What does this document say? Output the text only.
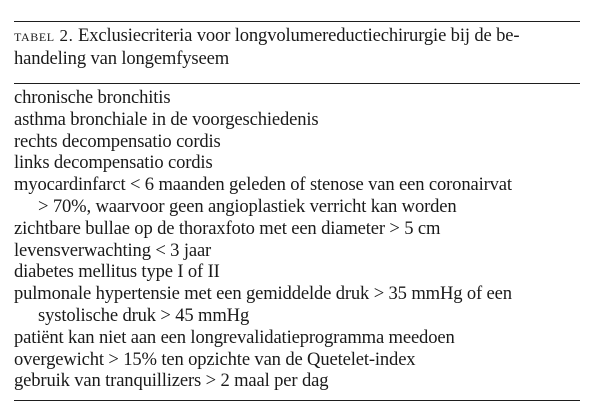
tabel 2. Exclusiecriteria voor longvolumereductiechirurgie bij de be-
handeling van longemfyseem
chronische bronchitis
asthma bronchiale in de voorgeschiedenis
rechts decompensatio cordis
links decompensatio cordis
myocardinfarct < 6 maanden geleden of stenose van een coronairvat
> 70%, waarvoor geen angioplastiek verricht kan worden
zichtbare bullae op de thoraxfoto met een diameter > 5 cm
levensverwachting < 3 jaar
diabetes mellitus type I of II
pulmonale hypertensie met een gemiddelde druk > 35 mmHg of een
systolische druk > 45 mmHg
patiënt kan niet aan een longrevalidatieprogramma meedoen
overgewicht > 15% ten opzichte van de Quetelet-index
gebruik van tranquillizers > 2 maal per dag
